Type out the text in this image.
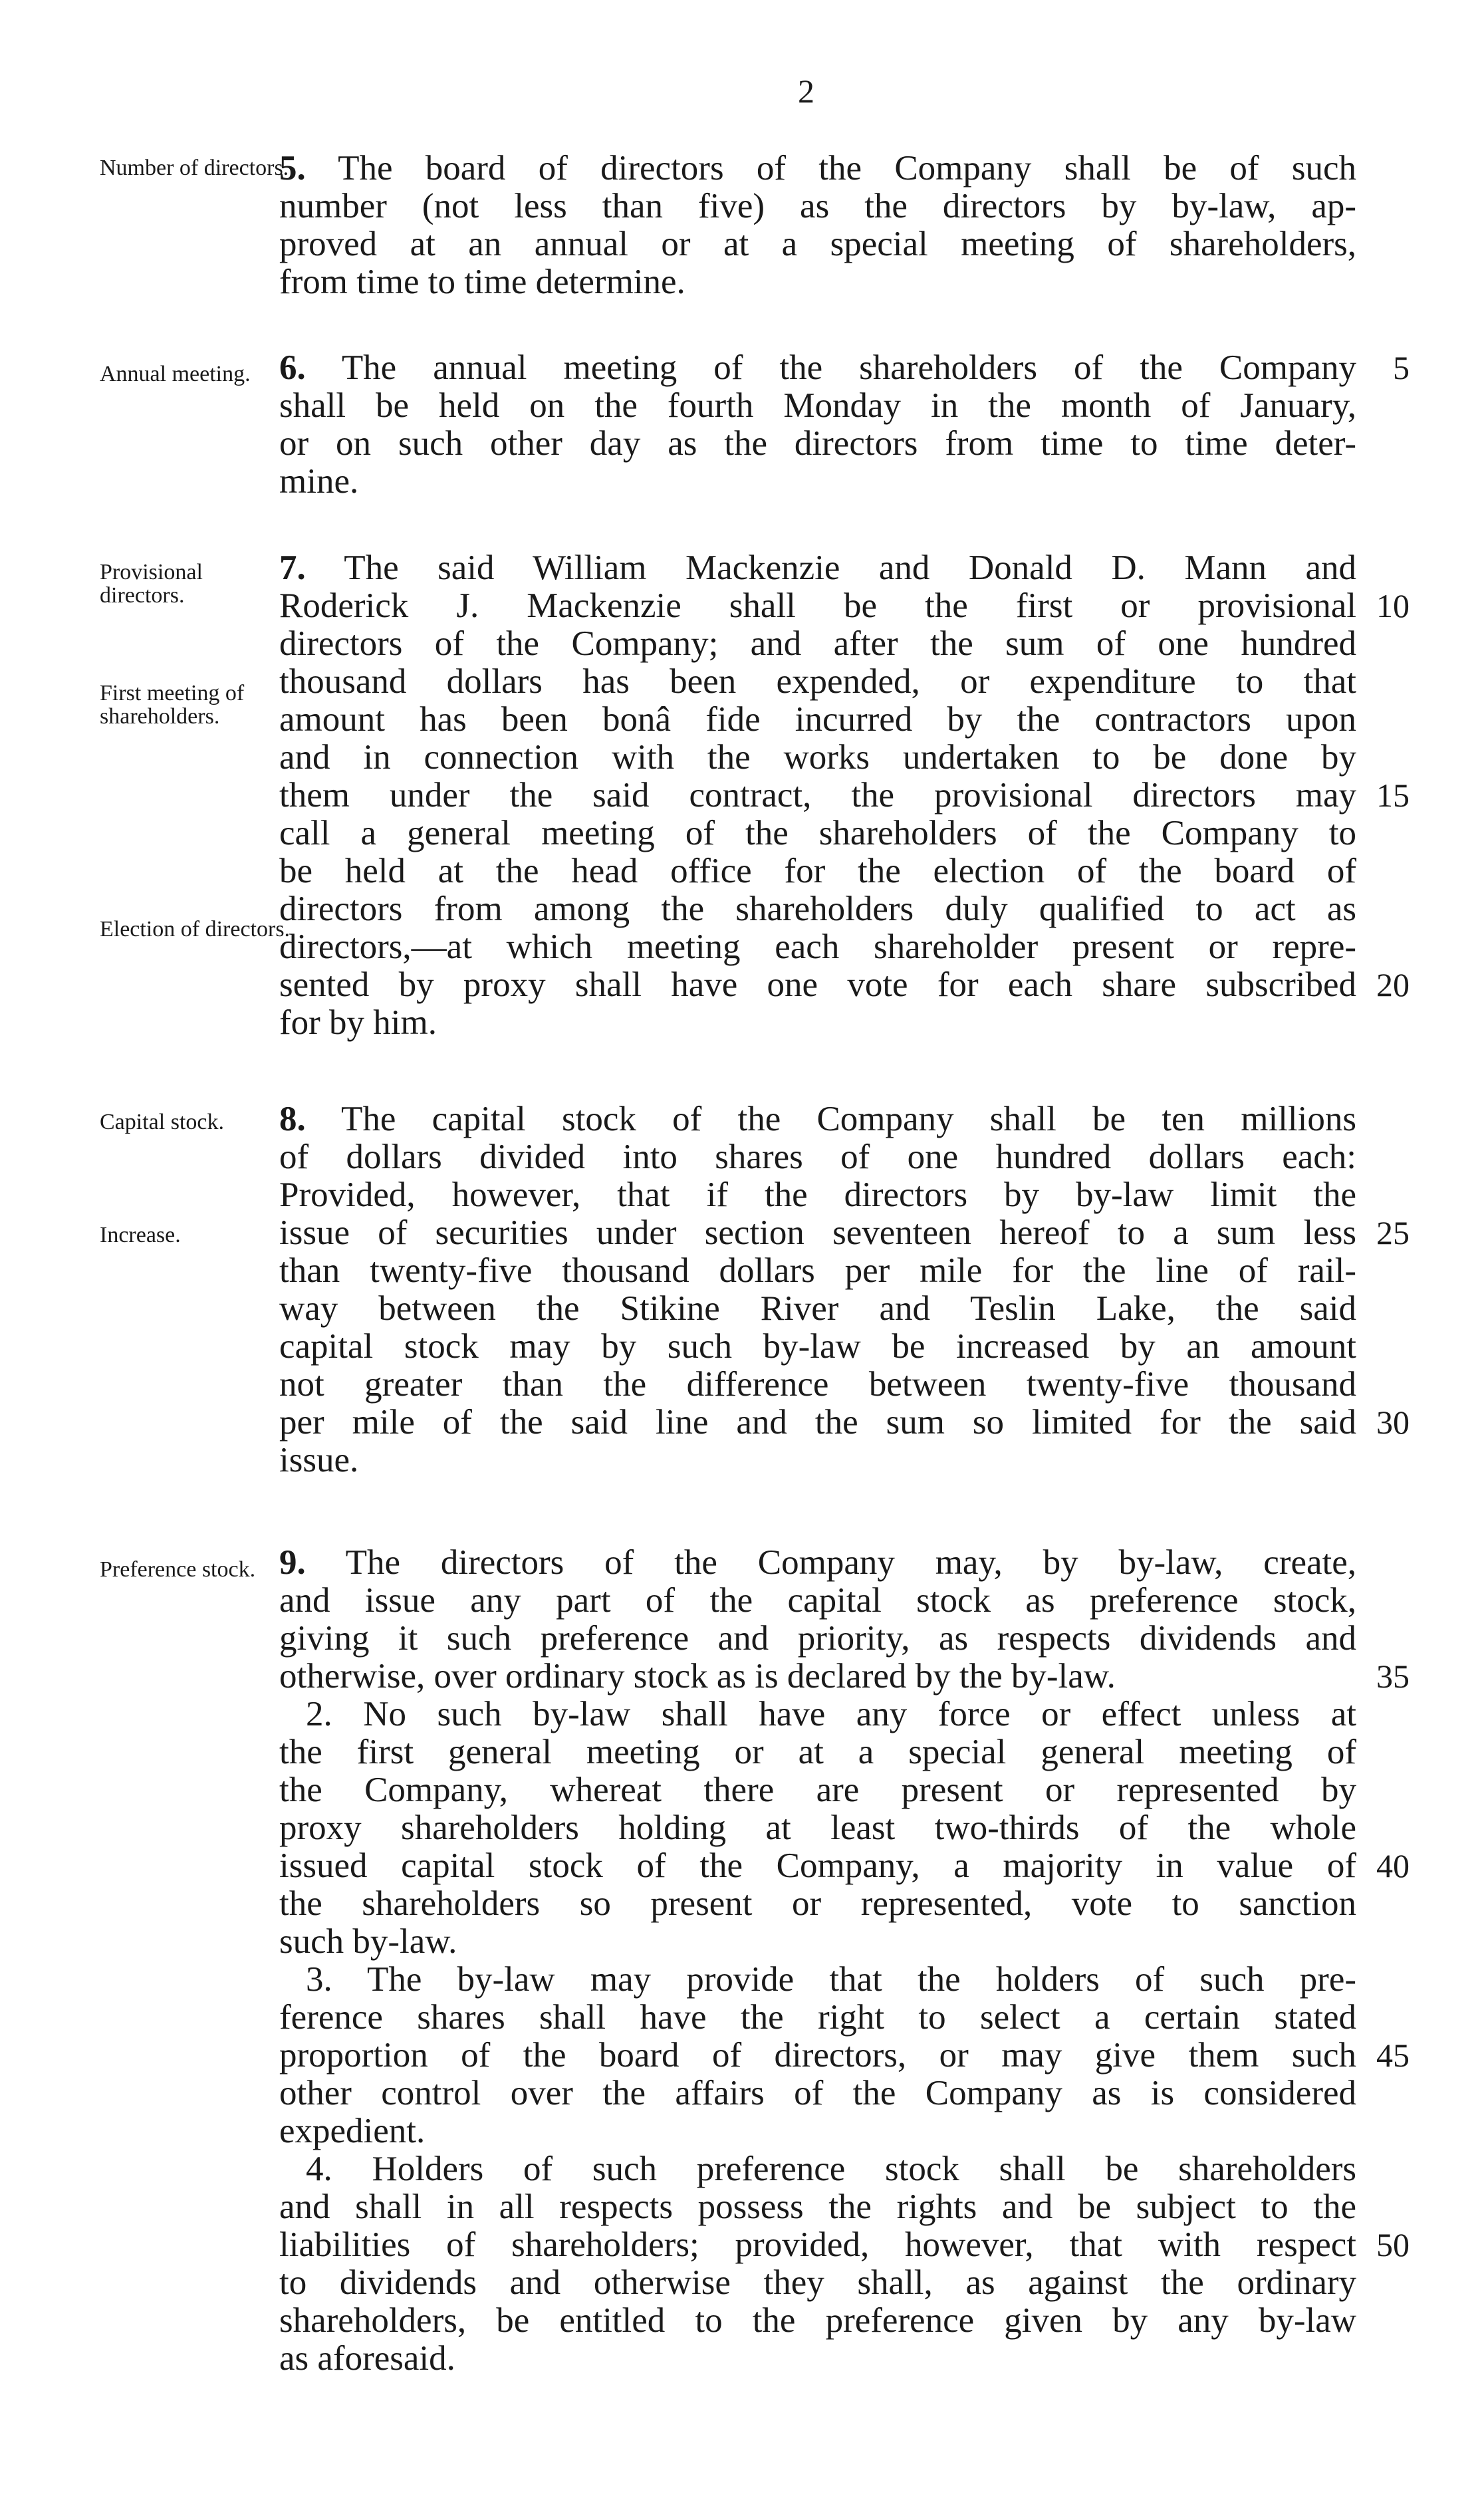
2
Number of directors.
Annual meeting.
Provisional directors.
First meeting of shareholders.
Election of directors.
Capital stock.
Increase.
Preference stock.
5. The board of directors of the Company shall be of such
number (not less than five) as the directors by by-law, ap-
proved at an annual or at a special meeting of shareholders,
from time to time determine.
6. The annual meeting of the shareholders of the Company	5
shall be held on the fourth Monday in the month of January,
or on such other day as the directors from time to time deter-
mine.
7. The said William Mackenzie and Donald D. Mann and
Roderick J. Mackenzie shall be the first or provisional 10
directors of the Company; and after the sum of one hundred
thousand dollars has been expended, or expenditure to that
amount has been bonâ fide incurred by the contractors upon
and in connection with the works undertaken to be done by
them under the said contract, the provisional directors may 15
call a general meeting of the shareholders of the Company to
be held at the head office for the election of the board of
directors from among the shareholders duly qualified to act as
directors,—at which meeting each shareholder present or repre-
sented by proxy shall have one vote for each share subscribed 20
for by him.
8. The capital stock of the Company shall be ten millions
of dollars divided into shares of one hundred dollars each:
Provided, however, that if the directors by by-law limit the
issue of securities under section seventeen hereof to a sum less 25
than twenty-five thousand dollars per mile for the line of rail-
way between the Stikine River and Teslin Lake, the said
capital stock may by such by-law be increased by an amount
not greater than the difference between twenty-five thousand
per mile of the said line and the sum so limited for the said 30
issue.
9. The directors of the Company may, by by-law, create,
and issue any part of the capital stock as preference stock,
giving it such preference and priority, as respects dividends and
otherwise, over ordinary stock as is declared by the by-law.	35
2. No such by-law shall have any force or effect unless at
the first general meeting or at a special general meeting of
the Company, whereat there are present or represented by
proxy shareholders holding at least two-thirds of the whole
issued capital stock of the Company, a majority in value of 40
the shareholders so present or represented, vote to sanction
such by-law.
3. The by-law may provide that the holders of such pre-
ference shares shall have the right to select a certain stated
proportion of the board of directors, or may give them such 45
other control over the affairs of the Company as is considered
expedient.
4. Holders of such preference stock shall be shareholders
and shall in all respects possess the rights and be subject to the
liabilities of shareholders; provided, however, that with respect 50
to dividends and otherwise they shall, as against the ordinary
shareholders, be entitled to the preference given by any by-law
as aforesaid.
